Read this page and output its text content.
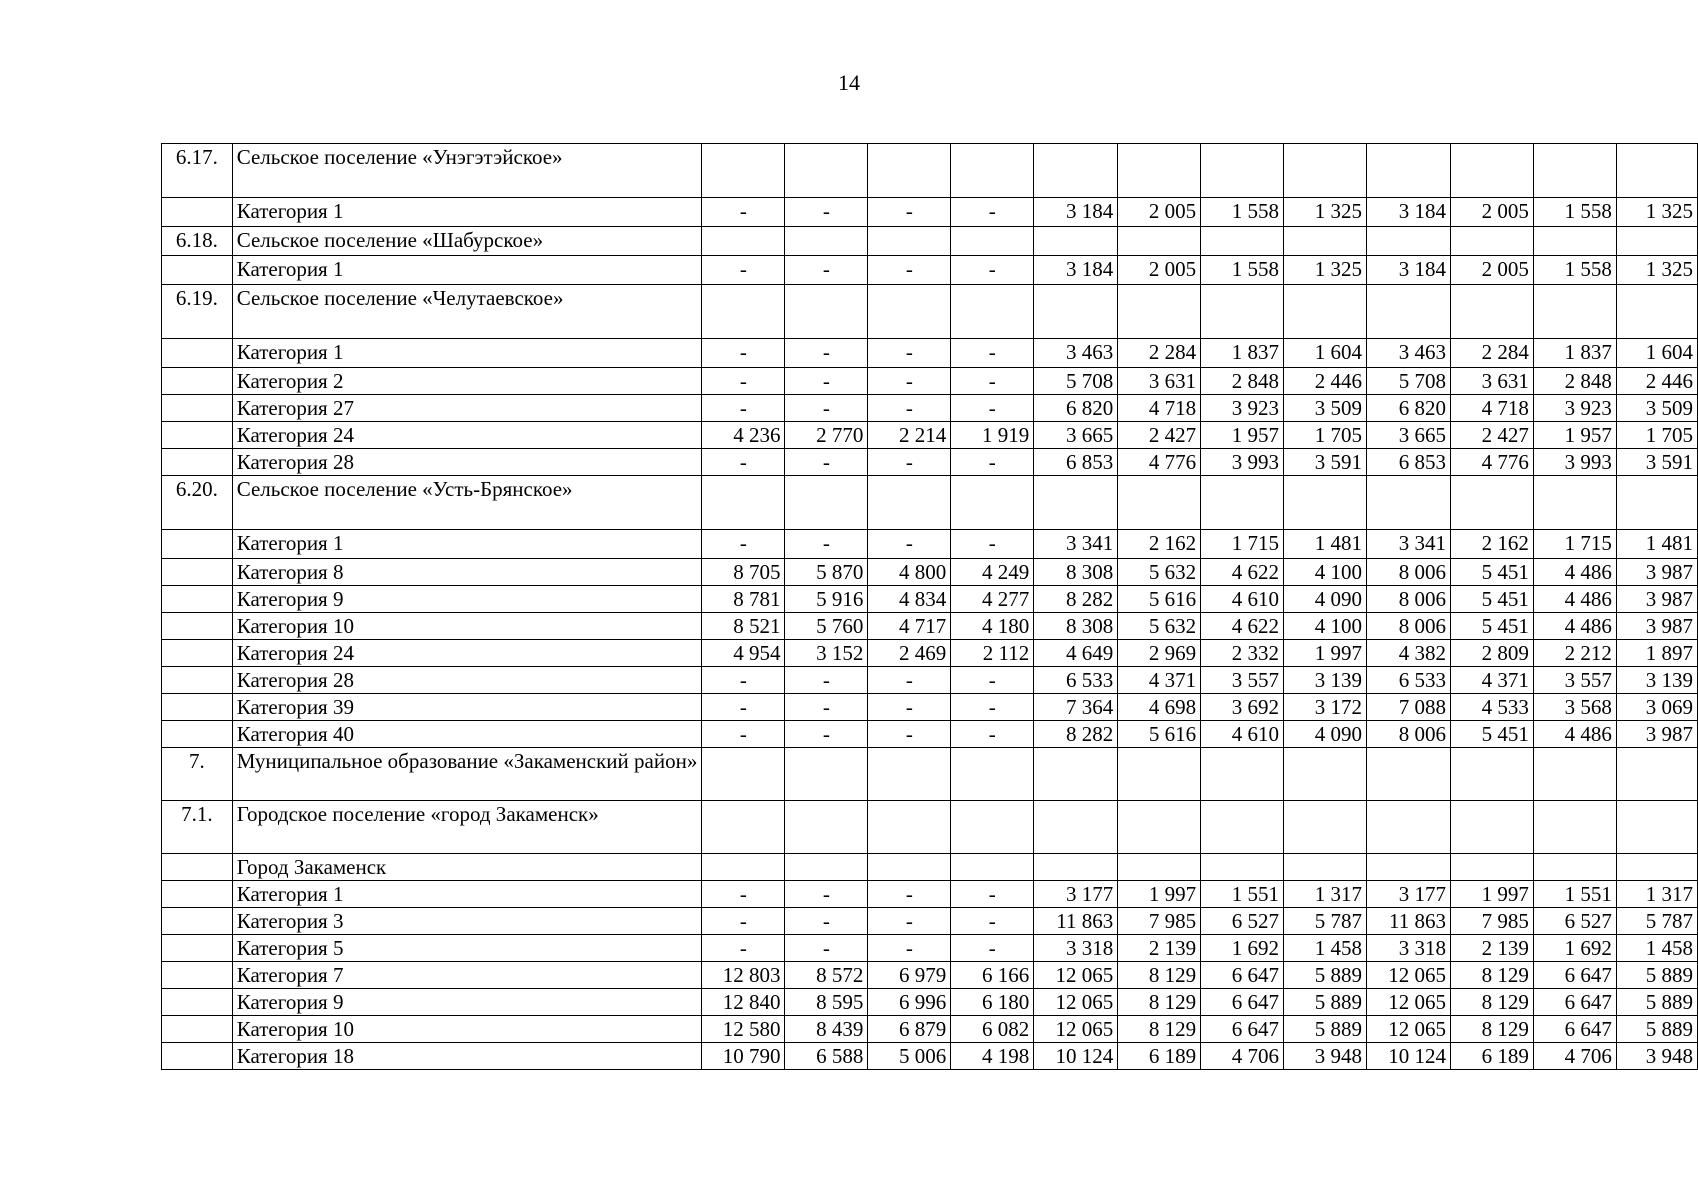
14
6.17.	Сельское поселение «Унэгэтэйское»												
	Категория 1	-	-	-	-	3 184	2 005	1 558	1 325	3 184	2 005	1 558	1 325
6.18.	Сельское поселение «Шабурское»												
	Категория 1	-	-	-	-	3 184	2 005	1 558	1 325	3 184	2 005	1 558	1 325
6.19.	Сельское поселение «Челутаевское»												
	Категория 1	-	-	-	-	3 463	2 284	1 837	1 604	3 463	2 284	1 837	1 604
	Категория 2	-	-	-	-	5 708	3 631	2 848	2 446	5 708	3 631	2 848	2 446
	Категория 27	-	-	-	-	6 820	4 718	3 923	3 509	6 820	4 718	3 923	3 509
	Категория 24	4 236	2 770	2 214	1 919	3 665	2 427	1 957	1 705	3 665	2 427	1 957	1 705
	Категория 28	-	-	-	-	6 853	4 776	3 993	3 591	6 853	4 776	3 993	3 591
6.20.	Сельское поселение «Усть-Брянское»												
	Категория 1	-	-	-	-	3 341	2 162	1 715	1 481	3 341	2 162	1 715	1 481
	Категория 8	8 705	5 870	4 800	4 249	8 308	5 632	4 622	4 100	8 006	5 451	4 486	3 987
	Категория 9	8 781	5 916	4 834	4 277	8 282	5 616	4 610	4 090	8 006	5 451	4 486	3 987
	Категория 10	8 521	5 760	4 717	4 180	8 308	5 632	4 622	4 100	8 006	5 451	4 486	3 987
	Категория 24	4 954	3 152	2 469	2 112	4 649	2 969	2 332	1 997	4 382	2 809	2 212	1 897
	Категория 28	-	-	-	-	6 533	4 371	3 557	3 139	6 533	4 371	3 557	3 139
	Категория 39	-	-	-	-	7 364	4 698	3 692	3 172	7 088	4 533	3 568	3 069
	Категория 40	-	-	-	-	8 282	5 616	4 610	4 090	8 006	5 451	4 486	3 987
7.	Муниципальное образование «Закаменский район»												
7.1.	Городское поселение «город Закаменск»												
	Город Закаменск												
	Категория 1	-	-	-	-	3 177	1 997	1 551	1 317	3 177	1 997	1 551	1 317
	Категория 3	-	-	-	-	11 863	7 985	6 527	5 787	11 863	7 985	6 527	5 787
	Категория 5	-	-	-	-	3 318	2 139	1 692	1 458	3 318	2 139	1 692	1 458
	Категория 7	12 803	8 572	6 979	6 166	12 065	8 129	6 647	5 889	12 065	8 129	6 647	5 889
	Категория 9	12 840	8 595	6 996	6 180	12 065	8 129	6 647	5 889	12 065	8 129	6 647	5 889
	Категория 10	12 580	8 439	6 879	6 082	12 065	8 129	6 647	5 889	12 065	8 129	6 647	5 889
	Категория 18	10 790	6 588	5 006	4 198	10 124	6 189	4 706	3 948	10 124	6 189	4 706	3 948
